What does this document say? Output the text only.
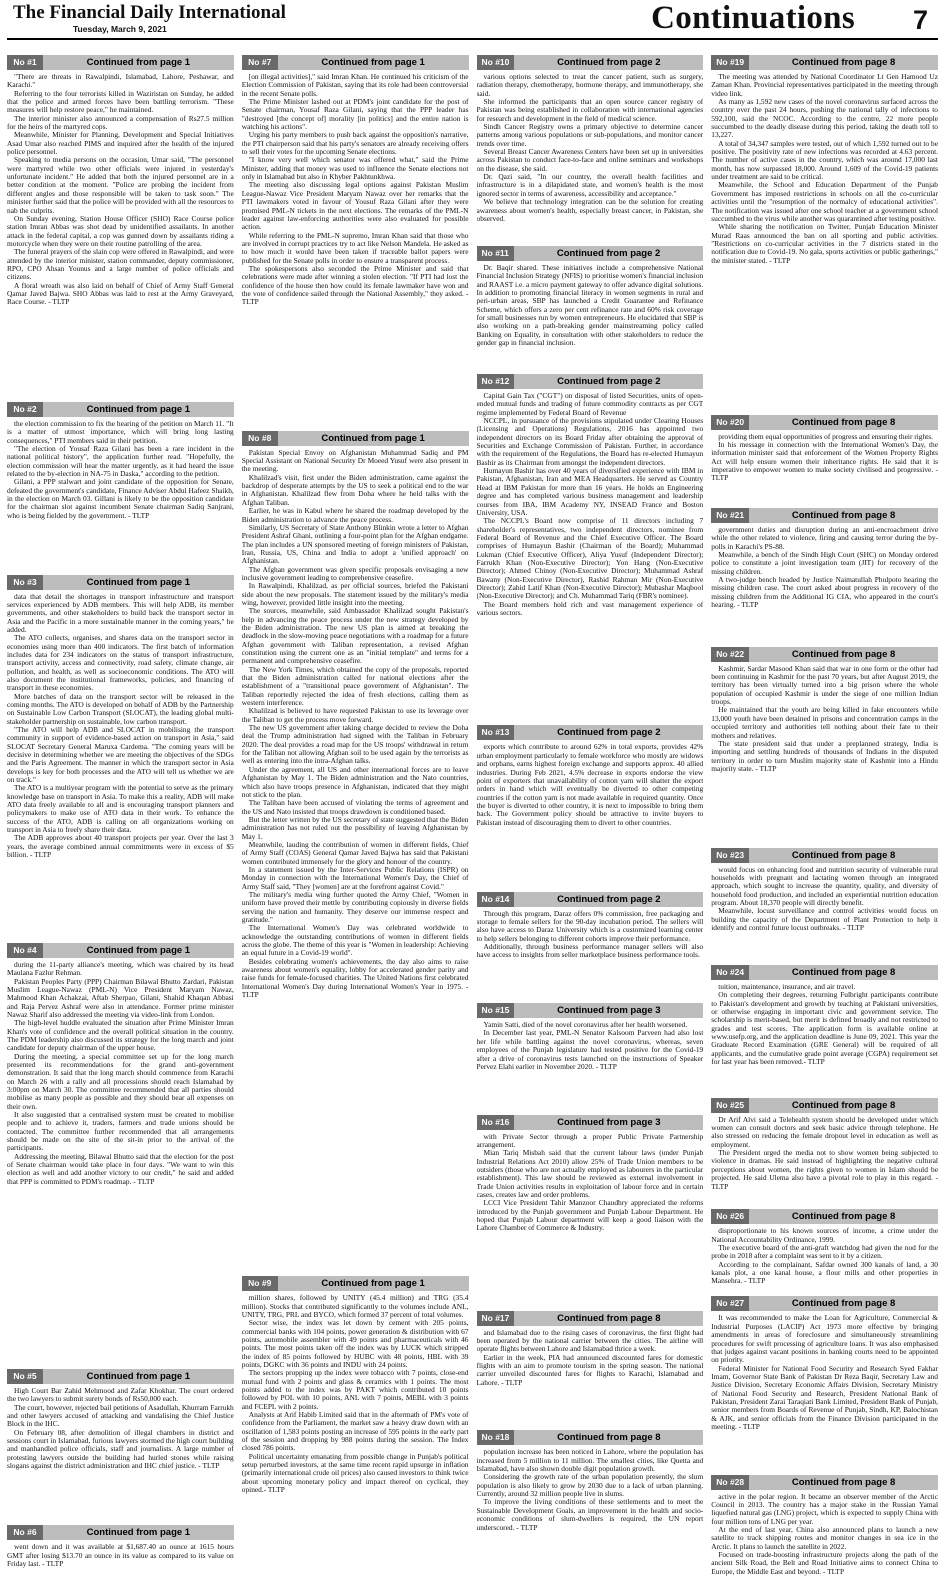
The Financial Daily International
Tuesday, March 9, 2021	Continuations 7
No #1	Continued from page 1

"There are threats in Rawalpindi, Islamabad, Lahore, Peshawar, and Karachi."

Referring to the four terrorists killed in Waziristan on Sunday, he added that the police and armed forces have been battling terrorism. "These measures will help restore peace," he maintained.

The interior minister also announced a compensation of Rs27.5 million for the heirs of the martyred cops.

Meanwhile, Minister for Planning, Development and Special Initiatives Asad Umar also reached PIMS and inquired after the health of the injured police personnel.

Speaking to media persons on the occasion, Umar said, "The personnel were martyred while two other officials were injured in yesterday's unfortunate incident." He added that both the injured personnel are in a better condition at the moment. "Police are probing the incident from different angles and those responsible will be taken to task soon." The minister further said that the police will be provided with all the resources to nab the culprits.

On Sunday evening, Station House Officer (SHO) Race Course police station Imran Abbas was shot dead by unidentified assailants. In another attack in the federal capital, a cop was gunned down by assailants riding a motorcycle when they were on their routine patrolling of the area.

The funeral prayers of the slain cop were offered in Rawalpindi, and were attended by the interior minister, station commander, deputy commissioner, RPO, CPO Ahsan Younus and a large number of police officials and citizens.

A floral wreath was also laid on behalf of Chief of Army Staff General Qamar Javed Bajwa. SHO Abbas was laid to rest at the Army Graveyard, Race Course. - TLTP

No #2	Continued from page 1

the election commission to fix the hearing of the petition on March 11. "It is a matter of utmost importance, which will bring long lasting consequences," PTI members said in their petition.

"The election of Yousaf Raza Gilani has been a rare incident in the national political history", the application further read. "Hopefully, the election commission will hear the matter urgently, as it had heard the issue related to the by-election in NA-75 in Daska," according to the petition.

Gilani, a PPP stalwart and joint candidate of the opposition for Senate, defeated the government's candidate, Finance Adviser Abdul Hafeez Shaikh, in the election on March 03. Gillani is likely to be the opposition candidate for the chairman slot against incumbent Senate chairman Sadiq Sanjrani, who is being fielded by the government. - TLTP

No #3	Continued from page 1

data that detail the shortages in transport infrastructure and transport services experienced by ADB members. This will help ADB, its member governments, and other stakeholders to build back the transport sector in Asia and the Pacific in a more sustainable manner in the coming years," he added.

The ATO collects, organises, and shares data on the transport sector in economies using more than 400 indicators. The first batch of information includes data for 234 indicators on the status of transport infrastructure, transport activity, access and connectivity, road safety, climate change, air pollution, and health, as well as socioeconomic conditions. The ATO will also document the institutional frameworks, policies, and financing of transport in these economies.

More batches of data on the transport sector will be released in the coming months. The ATO is developed on behalf of ADB by the Partnership on Sustainable Low Carbon Transport (SLOCAT), the leading global multi-stakeholder partnership on sustainable, low carbon transport.

"The ATO will help ADB and SLOCAT in mobilising the transport community in support of evidence-based action on transport in Asia," said SLOCAT Secretary General Maruxa Cardema. "The coming years will be decisive in determining whether we are meeting the objectives of the SDGs and the Paris Agreement. The manner in which the transport sector in Asia develops is key for both processes and the ATO will tell us whether we are on track."

The ATO is a multiyear program with the potential to serve as the primary knowledge base on transport in Asia. To make this a reality, ADB will make ATO data freely available to all and is encouraging transport planners and policymakers to make use of ATO data in their work. To enhance the success of the ATO, ADB is calling on all organizations working on transport in Asia to freely share their data.

The ADB approves about 40 transport projects per year. Over the last 3 years, the average combined annual commitments were in excess of $5 billion. - TLTP

No #4	Continued from page 1

during the 11-party alliance's meeting, which was chaired by its head Maulana Fazlur Rehman.

Pakistan Peoples Party (PPP) Chairman Bilawal Bhutto Zardari, Pakistan Muslim League-Nawaz (PML-N) Vice President Maryam Nawaz, Mahmood Khan Achakzai, Aftab Sherpao, Gilani, Shahid Khaqan Abbasi and Raja Pervez Ashraf were also in attendance. Former prime minister Nawaz Sharif also addressed the meeting via video-link from London.

The high-level huddle evaluated the situation after Prime Minister Imran Khan's vote of confidence and the overall political situation in the country. The PDM leadership also discussed its strategy for the long march and joint candidate for deputy chairman of the upper house.

During the meeting, a special committee set up for the long march presented its recommendations for the grand anti-government demonstration. It said that the long march should commence from Karachi on March 26 with a rally and all processions should reach Islamabad by 3:00pm on March 30. The committee recommended that all parties should mobilise as many people as possible and they should bear all expenses on their own.

It also suggested that a centralised system must be created to mobilise people and to achieve it, traders, farmers and trade unions should be contacted. The committee further recommended that all arrangements should be made on the site of the sit-in prior to the arrival of the participants.

Addressing the meeting, Bilawal Bhutto said that the election for the post of Senate chairman would take place in four days. "We want to win this election as well and add another victory to our credit," he said and added that PPP is committed to PDM's roadmap. - TLTP

No #5	Continued from page 1

High Court Bar Zahid Mehmood and Zafar Khokhar. The court ordered the two lawyers to submit surety bonds of Rs50,000 each.

The court, however, rejected bail petitions of Asadullah, Khurram Farrukh and other lawyers accused of attacking and vandalising the Chief Justice Block in the IHC.

On February 08, after demolition of illegal chambers in district and sessions court in Islamabad, furious lawyers stormed the high court building and manhandled police officials, staff and journalists. A large number of protesting lawyers outside the building had hurled stones while raising slogans against the district administration and IHC chief justice. - TLTP

No #6	Continued from page 1

went down and it was available at $1,687.40 an ounce at 1615 hours GMT after losing $13.70 an ounce in its value as compared to its value on Friday last. - TLTP

No #7	Continued from page 1

[on illegal activities]," said Imran Khan. He continued his criticism of the Election Commission of Pakistan, saying that its role had been controversial in the recent Senate polls.

The Prime Minister lashed out at PDM's joint candidate for the post of Senate chairman, Yousaf Raza Gilani, saying that the PPP leader has "destroyed [the concept of] morality [in politics] and the entire nation is watching his actions".

Urging his party members to push back against the opposition's narrative, the PTI chairperson said that his party's senators are already receiving offers to sell their votes for the upcoming Senate elections.

"I know very well which senator was offered what," said the Prime Minister, adding that money was used to influence the Senate elections not only in Islamabad but also in Khyber Pakhtunkhwa.

The meeting also discussing legal options against Pakistan Muslim League-Nawaz Vice President Maryam Nawaz over her remarks that the PTI lawmakers voted in favour of Yousuf Raza Gilani after they were promised PML-N tickets in the next elections. The remarks of the PML-N leader against law-enforcing authorities were also evaluated for possible action.

While referring to the PML-N supremo, Imran Khan said that those who are involved in corrupt practices try to act like Nelson Mandela. He asked as to how much it would have been taken if traceable ballot papers were published for the Senate polls in order to ensure a transparent process.

The spokespersons also seconded the Prime Minister and said that celebrations were made after winning a stolen election. "If PTI had lost the confidence of the house then how could its female lawmaker have won and the vote of confidence sailed through the National Assembly," they asked. - TLTP

No #8	Continued from page 1

Pakistan Special Envoy on Afghanistan Muhammad Sadiq and PM Special Assistant on National Security Dr Moeed Yusuf were also present in the meeting.

Khalilzad's visit, first under the Biden administration, came against the backdrop of desperate attempts by the US to seek a political end to the war in Afghanistan. Khalilzad flew from Doha where he held talks with the Afghan Taliban.

Earlier, he was in Kabul where he shared the roadmap developed by the Biden administration to advance the peace process.

Similarly, US Secretary of State Anthony Blinkin wrote a letter to Afghan President Ashraf Ghani, outlining a four-point plan for the Afghan endgame. The plan includes a UN sponsored meeting of foreign ministers of Pakistan, Iran, Russia, US, China and India to adopt a 'unified approach' on Afghanistan.

The Afghan government was given specific proposals envisaging a new inclusive government leading to comprehensive ceasefire.

In Rawalpindi, Khalilzad, as per official sources, briefed the Pakistani side about the new proposals. The statement issued by the military's media wing, however, provided little insight into the meeting.

The sources, meanwhile, said Ambassador Khalilzad sought Pakistan's help in advancing the peace process under the new strategy developed by the Biden administration. The new US plan is aimed at breaking the deadlock in the slow-moving peace negotiations with a roadmap for a future Afghan government with Taliban representation, a revised Afghan constitution using the current one as an "initial template" and terms for a permanent and comprehensive ceasefire.

The New York Times, which obtained the copy of the proposals, reported that the Biden administration called for national elections after the establishment of a "transitional peace government of Afghanistan". The Taliban reportedly rejected the idea of fresh elections, calling them as western interference.

Khalilzad is believed to have requested Pakistan to use its leverage over the Taliban to get the process move forward.

The new US government after taking charge decided to review the Doha deal the Trump administration had signed with the Taliban in February 2020. The deal provides a road map for the US troops' withdrawal in return for the Taliban not allowing Afghan soil to be used again by the terrorists as well as entering into the intra-Afghan talks.

Under the agreement, all US and other international forces are to leave Afghanistan by May 1. The Biden administration and the Nato countries, which also have troops presence in Afghanistan, indicated that they might not stick to the plan.

The Taliban have been accused of violating the terms of agreement and the US and Nato insisted that troops drawdown is conditioned based.

But the letter written by the US secretary of state suggested that the Biden administration has not ruled out the possibility of leaving Afghanistan by May 1.

Meanwhile, lauding the contribution of women in different fields, Chief of Army Staff (COAS) General Qamar Javed Bajwa has said that Pakistani women contributed immensely for the glory and honour of the country.

In a statement issued by the Inter-Services Public Relations (ISPR) on Monday in connection with the International Women's Day, the Chief of Army Staff said, "They [women] are at the forefront against Covid."

The military's media wing further quoted the Army Chief, "Women in uniform have proved their mettle by contributing copiously in diverse fields serving the nation and humanity. They deserve our immense respect and gratitude."

The International Women's Day was celebrated worldwide to acknowledge the outstanding contributions of women in different fields across the globe. The theme of this year is "Women in leadership: Achieving an equal future in a Covid-19 world".

Besides celebrating women's achievements, the day also aims to raise awareness about women's equality, lobby for accelerated gender parity and raise funds for female-focused charities. The United Nations first celebrated International Women's Day during International Women's Year in 1975. - TLTP

No #9	Continued from page 1

million shares, followed by UNITY (45.4 million) and TRG (35.4 million). Stocks that contributed significantly to the volumes include ANL, UNITY, TRG, PRL and BYCO, which formed 37 percent of total volumes.

Sector wise, the index was let down by cement with 205 points, commercial banks with 104 points, power generation & distribution with 67 points, automobile assembler with 49 points and pharmaceuticals with 46 points. The most points taken off the index was by LUCK which stripped the index of 85 points followed by HUBC with 48 points, HBL with 39 points, DGKC with 36 points and INDU with 24 points.

The sectors propping up the index were tobacco with 7 points, close-end mutual fund with 2 points and glass & ceramics with 1 points. The most points added to the index was by PAKT which contributed 10 points followed by POL with 10 points, ANL with 7 points, MEBL with 3 points and FCEPL with 2 points.

Analysts at Arif Habib Limited said that in the aftermath of PM's vote of confidence from the Parliament, the market saw a heavy draw down with an oscillation of 1,583 points posting an increase of 595 points in the early part of the session and dropping by 988 points during the session. The Index closed 786 points.

Political uncertainty emanating from possible change in Punjab's political setup perturbed investors, at the same time recent rapid upsurge in inflation (primarily international crude oil prices) also caused investors to think twice about upcoming monetary policy and impact thereof on cyclical, they opined.- TLTP

No #10	Continued from page 2

various options selected to treat the cancer patient, such as surgery, radiation therapy, chemotherapy, hormone therapy, and immunotherapy, she said.

She informed the participants that an open source cancer registry of Pakistan was being established in collaboration with international agencies for research and development in the field of medical science.

Sindh Cancer Registry owns a primary objective to determine cancer patterns among various populations or sub-populations, and monitor cancer trends over time.

Several Breast Cancer Awareness Centers have been set up in universities across Pakistan to conduct face-to-face and online seminars and workshops on the disease, she said.

Dr. Qazi said, "In our country, the overall health facilities and infrastructure is in a dilapidated state, and women's health is the most ignored sector in terms of awareness, accessibility and acceptance."

We believe that technology integration can be the solution for creating awareness about women's health, especially breast cancer, in Pakistan, she observed.

No #11	Continued from page 2

Dr. Baqir shared. These initiatives include a comprehensive National Financial Inclusion Strategy (NFIS) to prioritise women's financial inclusion and RAAST i.e. a micro payment gateway to offer advance digital solutions. In addition to promoting financial literacy in women segments in rural and peri-urban areas, SBP has launched a Credit Guarantee and Refinance Scheme, which offers a zero per cent refinance rate and 60% risk coverage for small businesses run by women entrepreneurs. He elucidated that SBP is also working on a path-breaking gender mainstreaming policy called Banking on Equality, in consultation with other stakeholders to reduce the gender gap in financial inclusion.

No #12	Continued from page 2

Capital Gain Tax ("CGT") on disposal of listed Securities, units of open-ended mutual funds and trading of future commodity contracts as per CGT regime implemented by Federal Board of Revenue

NCCPL, in pursuance of the provisions stipulated under Clearing Houses (Licensing and Operations) Regulations, 2016 has appointed two independent directors on its Board Friday after obtaining the approval of Securities and Exchange Commission of Pakistan. Further, in accordance with the requirement of the Regulations, the Board has re-elected Humayun Bashir as its Chairman from amongst the independent directors.

Humayun Bashir has over 40 years of diversified experience with IBM in Pakistan, Afghanistan, Iran and MEA Headquarters. He served as Country Head at IBM Pakistan for more than 16 years. He holds an Engineering degree and has completed various business management and leadership courses from IBA, IBM Academy NY, INSEAD France and Boston University, USA.

The NCCPL's Board now comprise of 11 directors including 7 shareholder's representatives, two independent directors, nominee from Federal Board of Revenue and the Chief Executive Officer. The Board comprises of Humayun Bashir (Chairman of the Board); Muhammad Lukman (Chief Executive Officer), Aliya Yusuf (Independent Director); Farrukh Khan (Non-Executive Director); Yon Hang (Non-Executive Director); Ahmed Chinoy (Non-Executive Director); Muhammad Ashraf Bawany (Non-Executive Director), Rashid Rahman Mir (Non-Executive Director); Zahid Latif Khan (Non-Executive Director); Mubashar Maqbool (Non-Executive Director); and Ch. Muhammad Tariq (FBR's nominee).

The Board members hold rich and vast management experience of various sectors.

No #13	Continued from page 2

exports which contribute to around 62% in total exports, provides 42% urban employment particularly to female workforce who mostly are widows and orphans, earns highest foreign exchange and supports approx. 40 allied industries. During Feb 2021, 4.5% decrease in exports endorse the view point of exporters that unavailability of cotton yarn will shatter the export orders in hand which will eventually be diverted to other competing countries if the cotton yarn is not made available in required quantity. Once the buyer is diverted to other country, it is next to impossible to bring them back. The Government policy should be attractive to invite buyers to Pakistan instead of discouraging them to divert to other countries.

No #14	Continued from page 2

Through this program, Daraz offers 0% commission, free packaging and storage to female sellers for the 90-day incubation period. The sellers will also have access to Daraz University which is a customized learning center to help sellers belonging to different cohorts improve their performance.

Additionally, through business performance manager sellers will also have access to insights from seller marketplace business performance tools.

No #15	Continued from page 3

Yamin Satti, died of the novel coronavirus after her health worsened.

In December last year, PML-N Senator Kalsoom Parveen had also lost her life while battling against the novel coronavirus, whereas, seven employees of the Punjab legislature had tested positive for the Covid-19 after a drive of coronavirus tests launched on the instructions of Speaker Pervez Elahi earlier in November 2020. - TLTP

No #16	Continued from page 3

with Private Sector through a proper Public Private Partnership arrangement.

Mian Tariq Misbah said that the current labour laws (under Punjab Industrial Relations Act 2010) allow 25% of Trade Union members to be outsiders (those who are not actually employed as labourers in the particular establishment). This law should be reviewed as external involvement in Trade Union activities results in exploitation of labour force and in certain cases, creates law and order problems.

LCCI Vice President Tahir Manzoor Chaudhry appreciated the reforms introduced by the Punjab government and Punjab Labour Department. He hoped that Punjab Labour department will keep a good liaison with the Lahore Chamber of Commerce & Industry.

No #17	Continued from page 8

and Islamabad due to the rising cases of coronavirus, the first flight had been operated by the national carrier between the cities. The airline will operate flights between Lahore and Islamabad thrice a week.

Earlier in the week, PIA had announced discounted fares for domestic flights with an aim to promote tourism in the spring season. The national carrier unveiled discounted fares for flights to Karachi, Islamabad and Lahore. - TLTP

No #18	Continued from page 8

population increase has been noticed in Lahore, where the population has increased from 5 million to 11 million. The smallest cities, like Quetta and Islamabad, have also shown double digit population growth.

Considering the growth rate of the urban population presently, the slum population is also likely to grow by 2030 due to a lack of urban planning. Currently, around 32 million people live in slums.

To improve the living conditions of these settlements and to meet the Sustainable Development Goals, an improvement in the health and socio-economic conditions of slum-dwellers is required, the UN report underscored. - TLTP

No #19	Continued from page 8

The meeting was attended by National Coordinator Lt Gen Hamood Uz Zaman Khan. Provincial representatives participated in the meeting through video link.

As many as 1,592 new cases of the novel coronavirus surfaced across the country over the past 24 hours, pushing the national tally of infections to 592,100, said the NCOC. According to the centre, 22 more people succumbed to the deadly disease during this period, taking the death toll to 13,227.

A total of 34,347 samples were tested, out of which 1,592 turned out to be positive. The positivity rate of new infections was recorded at 4.63 percent. The number of active cases in the country, which was around 17,000 last month, has now surpassed 18,000. Around 1,609 of the Covid-19 patients under treatment are said to be critical.

Meanwhile, the School and Education Department of the Punjab Government has imposed restrictions in schools on all the co-curricular activities until the "resumption of the normalcy of educational activities". The notification was issued after one school teacher at a government school succumbed to the virus while another was quarantined after testing positive.

While sharing the notification on Twitter, Punjab Education Minister Murad Raas announced the ban on all sporting and public activities. "Restrictions on co-curricular activities in the 7 districts stated in the notification due to Covid-19. No gala, sports activities or public gatherings," the minister stated. - TLTP

No #20	Continued from page 8

providing them equal opportunities of progress and ensuring their rights.

In his message in connection with the International Women's Day, the information minister said that enforcement of the Women Property Rights Act will help ensure women their inheritance rights. He said that it is imperative to empower women to make society civilised and progressive. - TLTP

No #21	Continued from page 8

government duties and disruption during an anti-encroachment drive while the other related to violence, firing and causing terror during the by-polls in Karachi's PS-88.

Meanwhile, a bench of the Sindh High Court (SHC) on Monday ordered police to constitute a joint investigation team (JIT) for recovery of the missing children.

A two-judge bench headed by Justice Naimatullah Phulpoto hearing the missing children case. The court asked about progress in recovery of the missing children from the Additional IG CIA, who appeared in the court's hearing. - TLTP

No #22	Continued from page 8

Kashmir, Sardar Masood Khan said that war in one form or the other had been continuing in Kashmir for the past 70 years, but after August 2019, the territory has been virtually turned into a big prison where the whole population of occupied Kashmir is under the siege of one million Indian troops.

He maintained that the youth are being killed in fake encounters while 13,000 youth have been detained in prisons and concentration camps in the occupied territory and authorities tell nothing about their fate to their mothers and relatives.

The state president said that under a preplanned strategy, India is importing and settling hundreds of thousands of Indians in the disputed territory in order to turn Muslim majority state of Kashmir into a Hindu majority state. - TLTP

No #23	Continued from page 8

would focus on enhancing food and nutrition security of vulnerable rural households with pregnant and lactating women through an integrated approach, which sought to increase the quantity, quality, and diversity of household food production, and included an experiential nutrition education program. About 18,370 people will directly benefit.

Meanwhile, locust surveillance and control activities would focus on building the capacity of the Department of Plant Protection to help it identify and control future locust outbreaks. - TLTP

No #24	Continued from page 8

tuition, maintenance, insurance, and air travel.

On completing their degrees, returning Fulbright participants contribute to Pakistan's development and growth by teaching at Pakistani universities, or otherwise engaging in important civic and government service. The scholarship is merit-based, but merit is defined broadly and not restricted to grades and test scores. The application form is available online at www.usefp.org, and the application deadline is June 09, 2021. This year the Graduate Record Examination (GRE General) will be required of all applicants, and the cumulative grade point average (CGPA) requirement set for last year has been removed.- TLTP

No #25	Continued from page 8

Dr Arif Alvi said a Telehealth system should be developed under which women can consult doctors and seek basic advice through telephone. He also stressed on reducing the female dropout level in education as well as employment.

The President urged the media not to show women being subjected to violence in dramas. He said instead of highlighting the negative cultural perceptions about women, the rights given to women in Islam should be projected. He said Ulema also have a pivotal role to play in this regard. - TLTP

No #26	Continued from page 8

disproportionate to his known sources of income, a crime under the National Accountability Ordinance, 1999.

The executive board of the anti-graft watchdog had given the nod for the probe in 2018 after a complaint was sent to it by a citizen.

According to the complainant, Safdar owned 300 kanals of land, a 30 kanals plot, a one kanal house, a flour mills and other properties in Mansehra. - TLTP

No #27	Continued from page 8

It was recommended to make the Loan for Agriculture, Commercial & Industrial Purposes (LACIP) Act 1973 more effective by bringing amendments in areas of foreclosure and simultaneously streamlining procedures for swift processing of agriculture loans. It was also emphasised that judges against vacant positions in banking courts need to be appointed on priority.

Federal Minister for National Food Security and Research Syed Fakhar Imam, Governor State Bank of Pakistan Dr Reza Baqir, Secretary Law and Justice Division, Secretary Economic Affairs Division, Secretary Ministry of National Food Security and Research, President National Bank of Pakistan, President Zarai Taraqiati Bank Limited, President Bank of Punjab, senior members from Boards of Revenue of Punjab, Sindh, KP, Balochistan & AJK, and senior officials from the Finance Division participated in the meeting. - TLTP

No #28	Continued from page 8

active in the polar region. It became an observer member of the Arctic Council in 2013. The country has a major stake in the Russian Yamal liquefied natural gas (LNG) project, which is expected to supply China with four million tons of LNG per year.

At the end of last year, China also announced plans to launch a new satellite to track shipping routes and monitor changes in sea ice in the Arctic. It plans to launch the satellite in 2022.

Focused on trade-boosting infrastructure projects along the path of the ancient Silk Road, the Belt and Road Initiative aims to connect China to Europe, the Middle East and beyond. - TLTP
